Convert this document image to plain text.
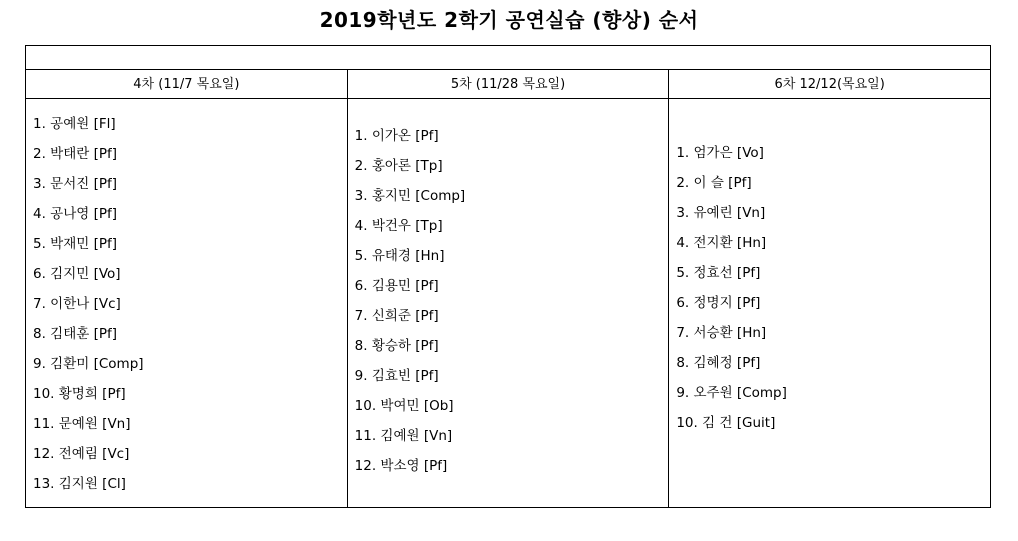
2019학년도 2학기 공연실습 (향상) 순서
4차 (11/7 목요일)
1. 공예원 [Fl]
2. 박태란 [Pf]
3. 문서진 [Pf]
4. 공나영 [Pf]
5. 박재민 [Pf]
6. 김지민 [Vo]
7. 이한나 [Vc]
8. 김태훈 [Pf]
9. 김환미 [Comp]
10. 황명희 [Pf]
11. 문예원 [Vn]
12. 전예림 [Vc]
13. 김지원 [Cl]
5차 (11/28 목요일)
1. 이가온 [Pf]
2. 홍아론 [Tp]
3. 홍지민 [Comp]
4. 박건우 [Tp]
5. 유태경 [Hn]
6. 김용민 [Pf]
7. 신희준 [Pf]
8. 황승하 [Pf]
9. 김효빈 [Pf]
10. 박여민 [Ob]
11. 김예원 [Vn]
12. 박소영 [Pf]
6차 12/12(목요일)
1. 엄가은 [Vo]
2. 이 슬 [Pf]
3. 유예린 [Vn]
4. 전지환 [Hn]
5. 정효선 [Pf]
6. 정명지 [Pf]
7. 서승환 [Hn]
8. 김혜정 [Pf]
9. 오주원 [Comp]
10. 김 건 [Guit]
